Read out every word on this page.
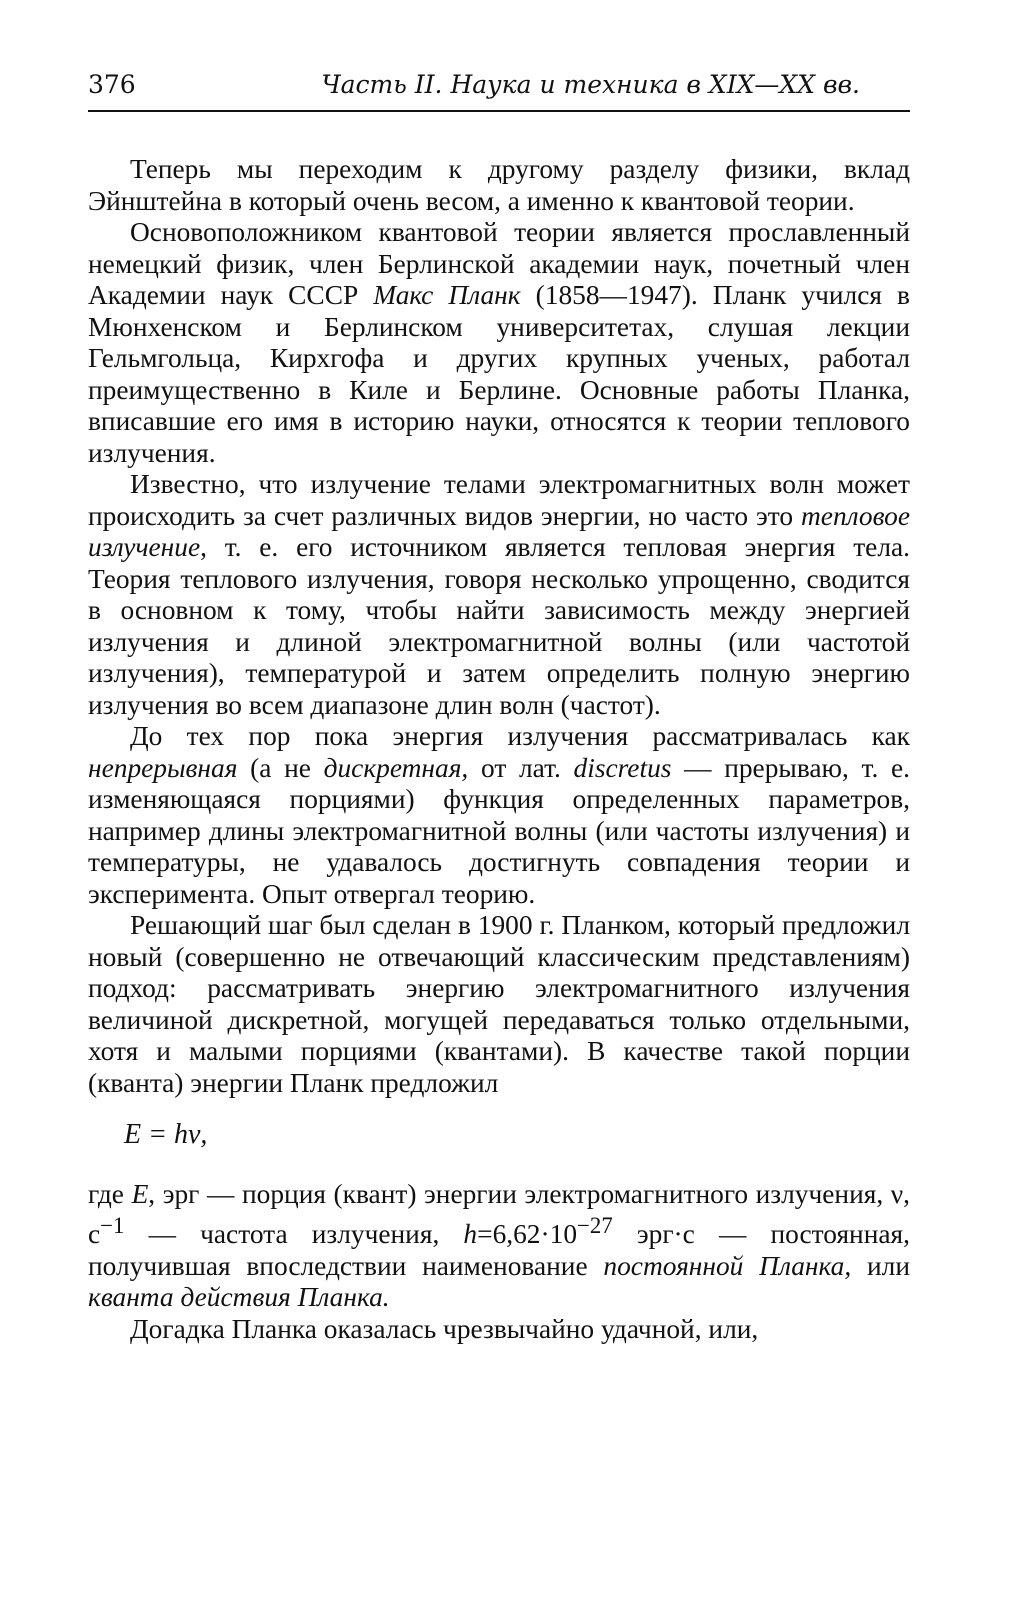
376	Часть II. Наука и техника в XIX—XX вв.

Теперь мы переходим к другому разделу физики, вклад Эйнштейна в который очень весом, а именно к квантовой теории.

Основоположником квантовой теории является прославленный немецкий физик, член Берлинской академии наук, почетный член Академии наук СССР Макс Планк (1858—1947). Планк учился в Мюнхенском и Берлинском университетах, слушая лекции Гельмгольца, Кирхгофа и других крупных ученых, работал преимущественно в Киле и Берлине. Основные работы Планка, вписавшие его имя в историю науки, относятся к теории теплового излучения.

Известно, что излучение телами электромагнитных волн может происходить за счет различных видов энергии, но часто это тепловое излучение, т. е. его источником является тепловая энергия тела. Теория теплового излучения, говоря несколько упрощенно, сводится в основном к тому, чтобы найти зависимость между энергией излучения и длиной электромагнитной волны (или частотой излучения), температурой и затем определить полную энергию излучения во всем диапазоне длин волн (частот).

До тех пор пока энергия излучения рассматривалась как непрерывная (а не дискретная, от лат. discretus — прерываю, т. е. изменяющаяся порциями) функция определенных параметров, например длины электромагнитной волны (или частоты излучения) и температуры, не удавалось достигнуть совпадения теории и эксперимента. Опыт отвергал теорию.

Решающий шаг был сделан в 1900 г. Планком, который предложил новый (совершенно не отвечающий классическим представлениям) подход: рассматривать энергию электромагнитного излучения величиной дискретной, могущей передаваться только отдельными, хотя и малыми порциями (квантами). В качестве такой порции (кванта) энергии Планк предложил

E = hν,

где E, эрг — порция (квант) энергии электромагнитного излучения, ν, $с^{-1}$ — частота излучения, $h=6,62\cdot 10^{-27}$ эрг·с — постоянная, получившая впоследствии наименование постоянной Планка, или кванта действия Планка.

Догадка Планка оказалась чрезвычайно удачной, или,
